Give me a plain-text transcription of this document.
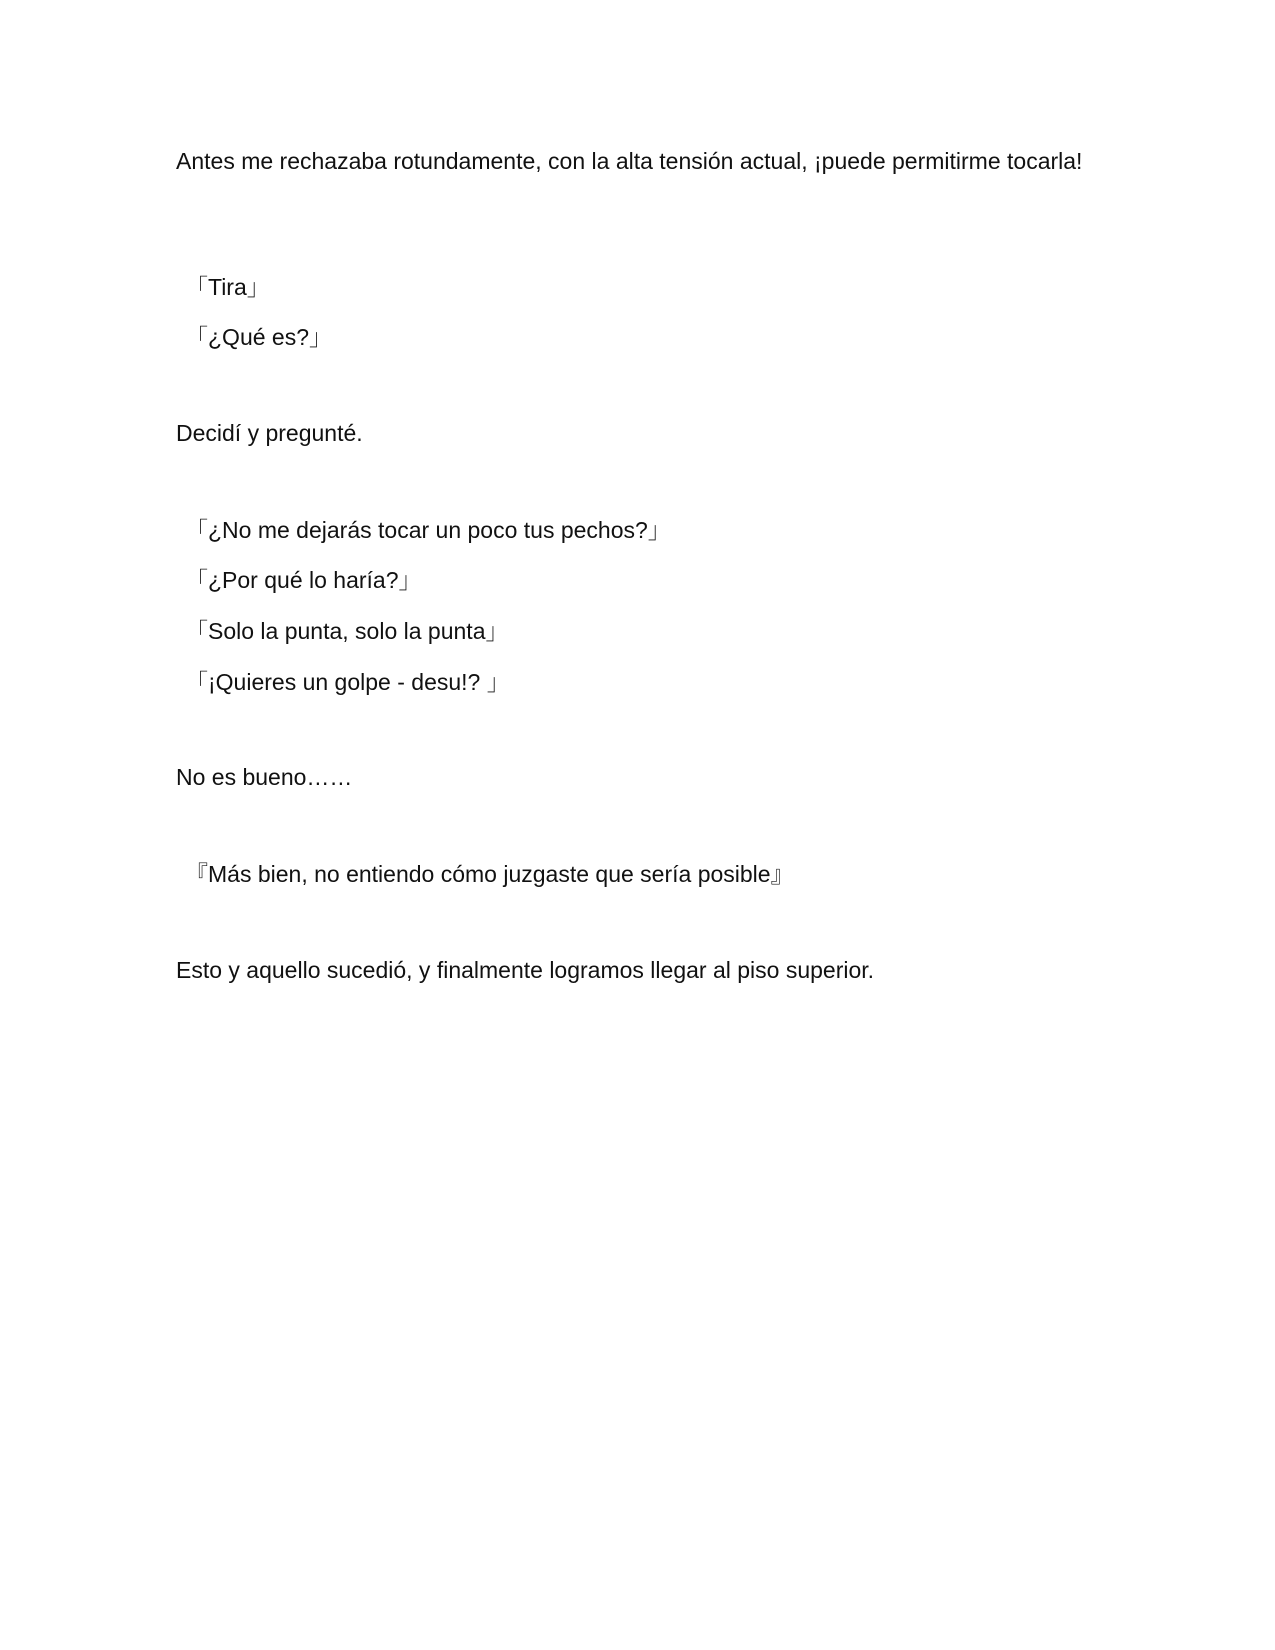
Antes me rechazaba rotundamente, con la alta tensión actual, ¡puede permitirme tocarla!

「Tira」

「¿Qué es?」

Decidí y pregunté.

「¿No me dejarás tocar un poco tus pechos?」

「¿Por qué lo haría?」

「Solo la punta, solo la punta」

「¡Quieres un golpe - desu!? 」

No es bueno……

『Más bien, no entiendo cómo juzgaste que sería posible』

Esto y aquello sucedió, y finalmente logramos llegar al piso superior.
